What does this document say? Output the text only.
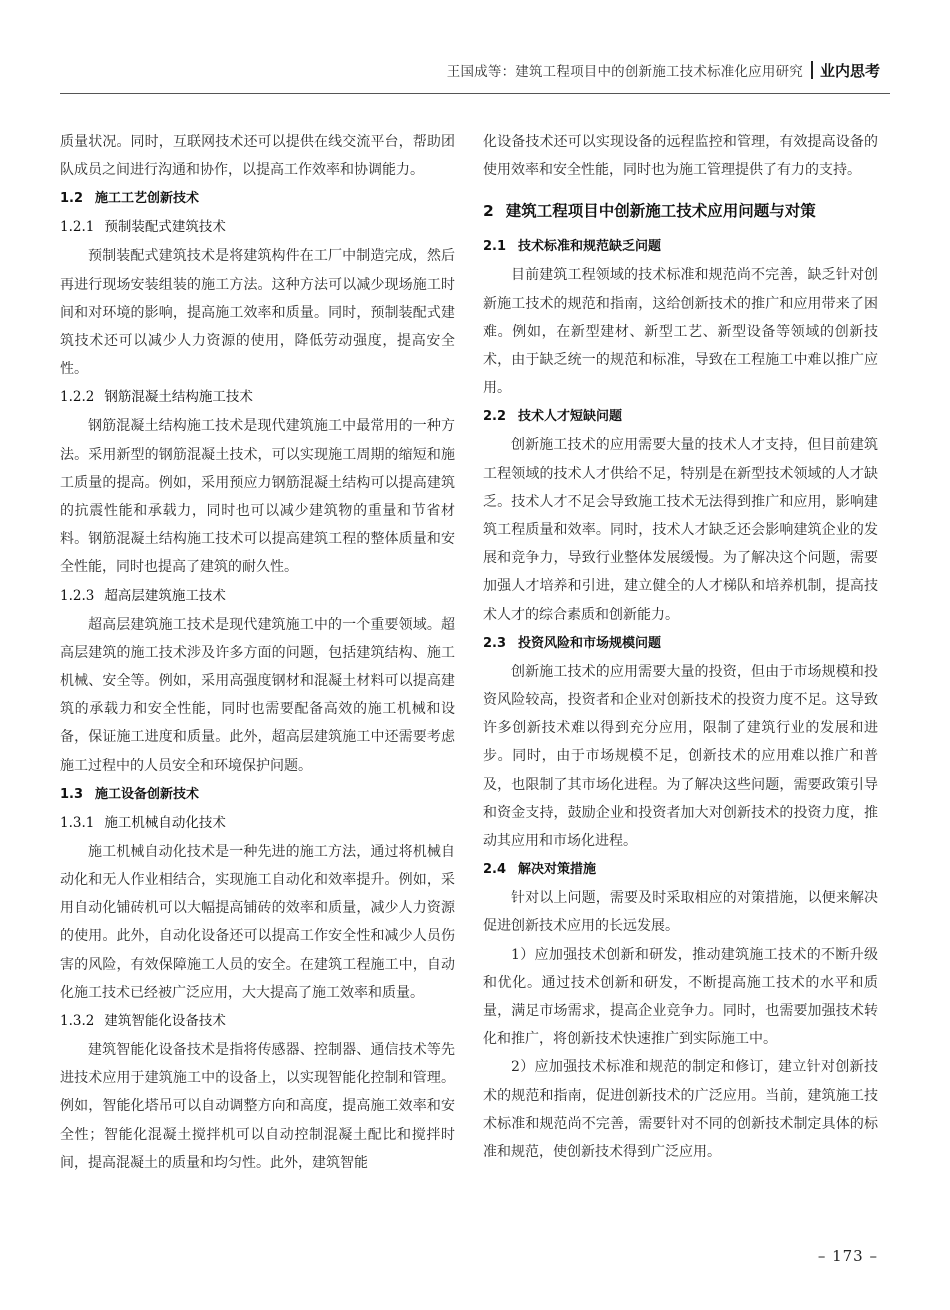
王国成等：建筑工程项目中的创新施工技术标准化应用研究 业内思考

质量状况。同时，互联网技术还可以提供在线交流平台，帮助团队成员之间进行沟通和协作，以提高工作效率和协调能力。

1.2 施工工艺创新技术
1.2.1 预制装配式建筑技术

预制装配式建筑技术是将建筑构件在工厂中制造完成，然后再进行现场安装组装的施工方法。这种方法可以减少现场施工时间和对环境的影响，提高施工效率和质量。同时，预制装配式建筑技术还可以减少人力资源的使用，降低劳动强度，提高安全性。

1.2.2 钢筋混凝土结构施工技术

钢筋混凝土结构施工技术是现代建筑施工中最常用的一种方法。采用新型的钢筋混凝土技术，可以实现施工周期的缩短和施工质量的提高。例如，采用预应力钢筋混凝土结构可以提高建筑的抗震性能和承载力，同时也可以减少建筑物的重量和节省材料。钢筋混凝土结构施工技术可以提高建筑工程的整体质量和安全性能，同时也提高了建筑的耐久性。

1.2.3 超高层建筑施工技术

超高层建筑施工技术是现代建筑施工中的一个重要领域。超高层建筑的施工技术涉及许多方面的问题，包括建筑结构、施工机械、安全等。例如，采用高强度钢材和混凝土材料可以提高建筑的承载力和安全性能，同时也需要配备高效的施工机械和设备，保证施工进度和质量。此外，超高层建筑施工中还需要考虑施工过程中的人员安全和环境保护问题。

1.3 施工设备创新技术
1.3.1 施工机械自动化技术

施工机械自动化技术是一种先进的施工方法，通过将机械自动化和无人作业相结合，实现施工自动化和效率提升。例如，采用自动化铺砖机可以大幅提高铺砖的效率和质量，减少人力资源的使用。此外，自动化设备还可以提高工作安全性和减少人员伤害的风险，有效保障施工人员的安全。在建筑工程施工中，自动化施工技术已经被广泛应用，大大提高了施工效率和质量。

1.3.2 建筑智能化设备技术

建筑智能化设备技术是指将传感器、控制器、通信技术等先进技术应用于建筑施工中的设备上，以实现智能化控制和管理。例如，智能化塔吊可以自动调整方向和高度，提高施工效率和安全性；智能化混凝土搅拌机可以自动控制混凝土配比和搅拌时间，提高混凝土的质量和均匀性。此外，建筑智能

化设备技术还可以实现设备的远程监控和管理，有效提高设备的使用效率和安全性能，同时也为施工管理提供了有力的支持。

2 建筑工程项目中创新施工技术应用问题与对策
2.1 技术标准和规范缺乏问题

目前建筑工程领域的技术标准和规范尚不完善，缺乏针对创新施工技术的规范和指南，这给创新技术的推广和应用带来了困难。例如，在新型建材、新型工艺、新型设备等领域的创新技术，由于缺乏统一的规范和标准，导致在工程施工中难以推广应用。

2.2 技术人才短缺问题

创新施工技术的应用需要大量的技术人才支持，但目前建筑工程领域的技术人才供给不足，特别是在新型技术领域的人才缺乏。技术人才不足会导致施工技术无法得到推广和应用，影响建筑工程质量和效率。同时，技术人才缺乏还会影响建筑企业的发展和竞争力，导致行业整体发展缓慢。为了解决这个问题，需要加强人才培养和引进，建立健全的人才梯队和培养机制，提高技术人才的综合素质和创新能力。

2.3 投资风险和市场规模问题

创新施工技术的应用需要大量的投资，但由于市场规模和投资风险较高，投资者和企业对创新技术的投资力度不足。这导致许多创新技术难以得到充分应用，限制了建筑行业的发展和进步。同时，由于市场规模不足，创新技术的应用难以推广和普及，也限制了其市场化进程。为了解决这些问题，需要政策引导和资金支持，鼓励企业和投资者加大对创新技术的投资力度，推动其应用和市场化进程。

2.4 解决对策措施

针对以上问题，需要及时采取相应的对策措施，以便来解决促进创新技术应用的长远发展。

1）应加强技术创新和研发，推动建筑施工技术的不断升级和优化。通过技术创新和研发，不断提高施工技术的水平和质量，满足市场需求，提高企业竞争力。同时，也需要加强技术转化和推广，将创新技术快速推广到实际施工中。

2）应加强技术标准和规范的制定和修订，建立针对创新技术的规范和指南，促进创新技术的广泛应用。当前，建筑施工技术标准和规范尚不完善，需要针对不同的创新技术制定具体的标准和规范，使创新技术得到广泛应用。

– 173 –
